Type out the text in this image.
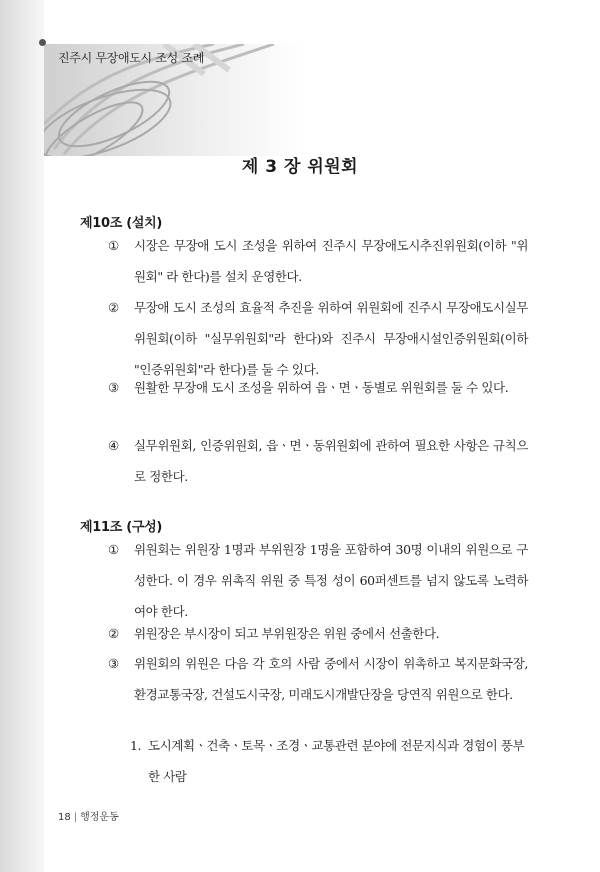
진주시 무장애도시 조성 조례
제 3 장 위원회
제10조 (설치)
①	시장은 무장애 도시 조성을 위하여 진주시 무장애도시추진위원회(이하 "위원회" 라 한다)를 설치 운영한다.
②	무장애 도시 조성의 효율적 추진을 위하여 위원회에 진주시 무장애도시실무위원회(이하 "실무위원회"라 한다)와 진주시 무장애시설인증위원회(이하 "인증위원회"라 한다)를 둘 수 있다.
③	원활한 무장애 도시 조성을 위하여 읍ㆍ면ㆍ동별로 위원회를 둘 수 있다.
④	실무위원회, 인증위원회, 읍ㆍ면ㆍ동위원회에 관하여 필요한 사항은 규칙으로 정한다.
제11조 (구성)
①	위원회는 위원장 1명과 부위원장 1명을 포함하여 30명 이내의 위원으로 구성한다. 이 경우 위촉직 위원 중 특정 성이 60퍼센트를 넘지 않도록 노력하여야 한다.
②	위원장은 부시장이 되고 부위원장은 위원 중에서 선출한다.
③	위원회의 위원은 다음 각 호의 사람 중에서 시장이 위촉하고 복지문화국장, 환경교통국장, 건설도시국장, 미래도시개발단장을 당연직 위원으로 한다.
1. 도시계획ㆍ건축ㆍ토목ㆍ조경ㆍ교통관련 분야에 전문지식과 경험이 풍부한 사람
18 | 행정운동
